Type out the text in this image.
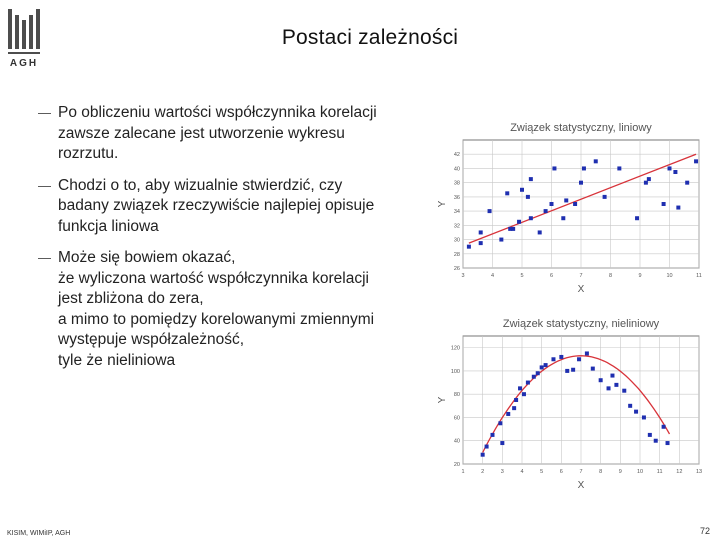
AGH
Postaci zależności
— Po obliczeniu wartości współczynnika korelacji
zawsze zalecane jest utworzenie wykresu
rozrzutu.
— Chodzi o to, aby wizualnie stwierdzić, czy
badany związek rzeczywiście najlepiej opisuje
funkcja liniowa
— Może się bowiem okazać,
że wyliczona wartość współczynnika korelacji
jest zbliżona do zera,
a mimo to pomiędzy korelowanymi zmiennymi
występuje współzależność,
tyle że nieliniowa
Związek statystyczny, liniowy
3	4	5	6	7	8	9	10	11
26
28
30
32
34
36
38
40
42
X
Y
Związek statystyczny, nieliniowy
1	2	3	4	5	6	7	8	9	10 11 12 13
20
40
60
80
100
120
X
Y
KISIM, WIMiIP, AGH	72
